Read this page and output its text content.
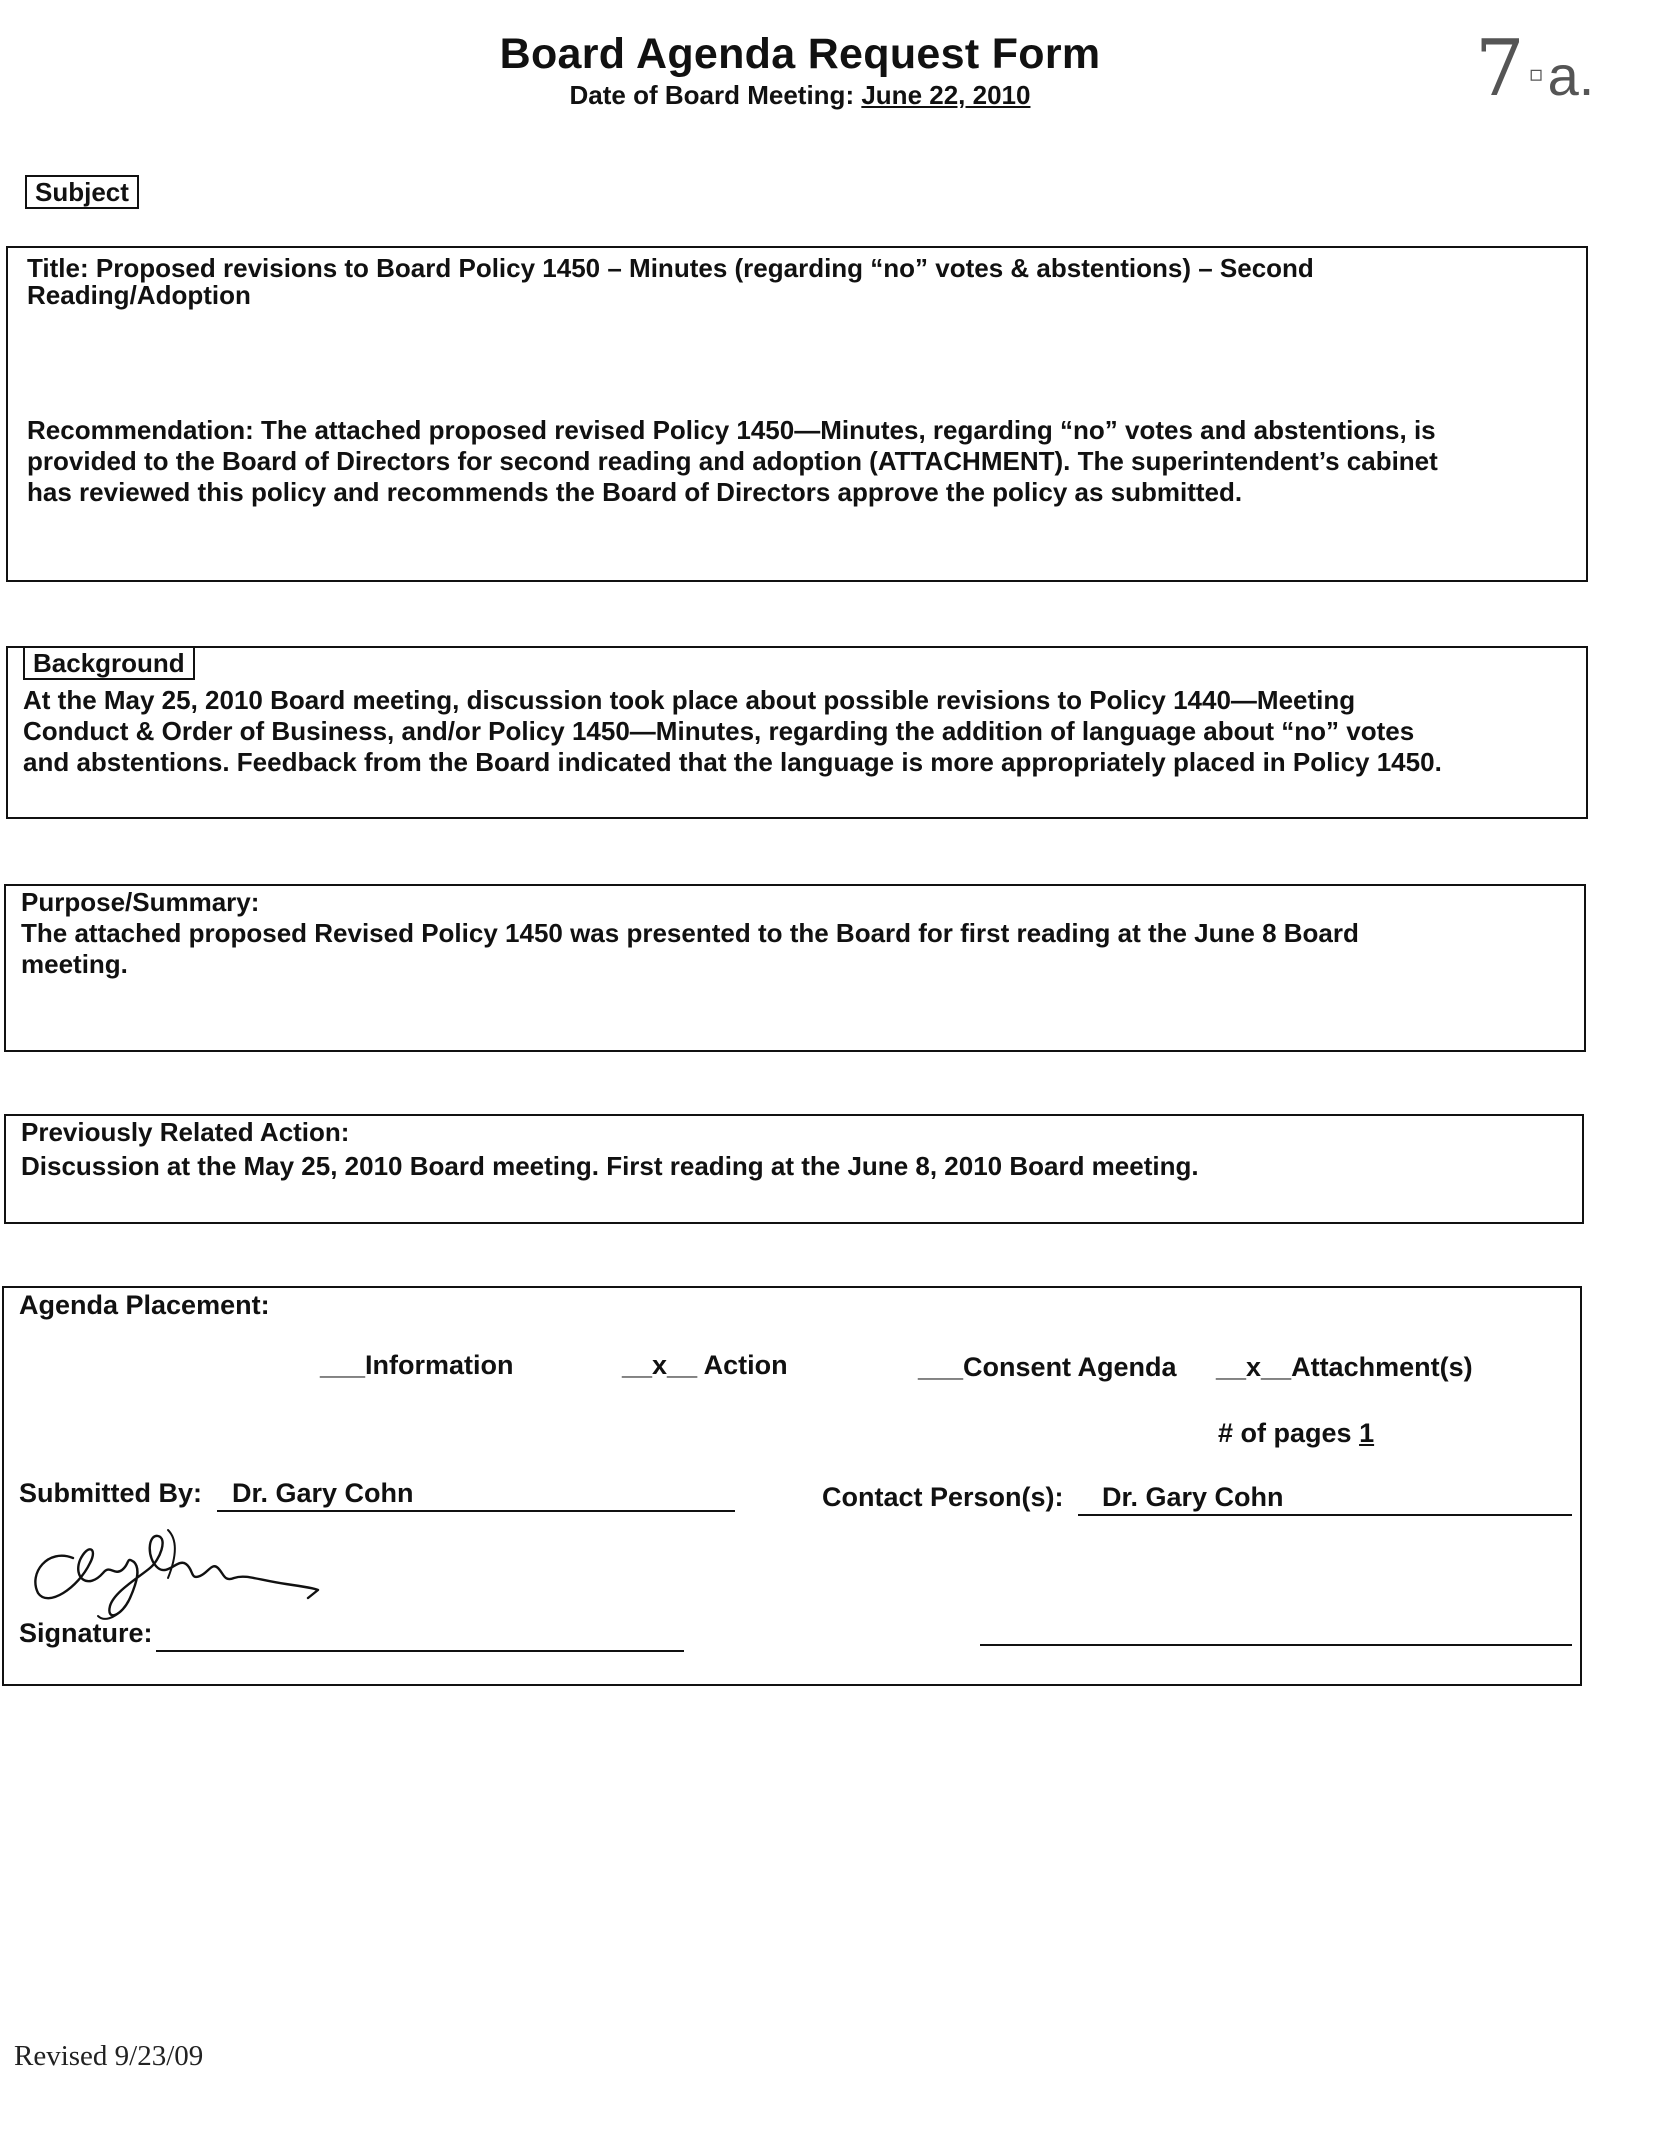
Board Agenda Request Form
Date of Board Meeting: June 22, 2010	7 ▫a.
Subject
Title: Proposed revisions to Board Policy 1450 – Minutes (regarding “no” votes & abstentions) – Second
Reading/Adoption
Recommendation: The attached proposed revised Policy 1450—Minutes, regarding “no” votes and abstentions, is
provided to the Board of Directors for second reading and adoption (ATTACHMENT). The superintendent’s cabinet
has reviewed this policy and recommends the Board of Directors approve the policy as submitted.
Background
At the May 25, 2010 Board meeting, discussion took place about possible revisions to Policy 1440—Meeting
Conduct & Order of Business, and/or Policy 1450—Minutes, regarding the addition of language about “no” votes
and abstentions. Feedback from the Board indicated that the language is more appropriately placed in Policy 1450.
Purpose/Summary:
The attached proposed Revised Policy 1450 was presented to the Board for first reading at the June 8 Board
meeting.
Previously Related Action:
Discussion at the May 25, 2010 Board meeting. First reading at the June 8, 2010 Board meeting.
Agenda Placement:
___Information	__x__ Action	___Consent Agenda __x__Attachment(s)
# of pages 1
Submitted By: Dr. Gary Cohn	Contact Person(s): Dr. Gary Cohn
Signature:
Revised 9/23/09
